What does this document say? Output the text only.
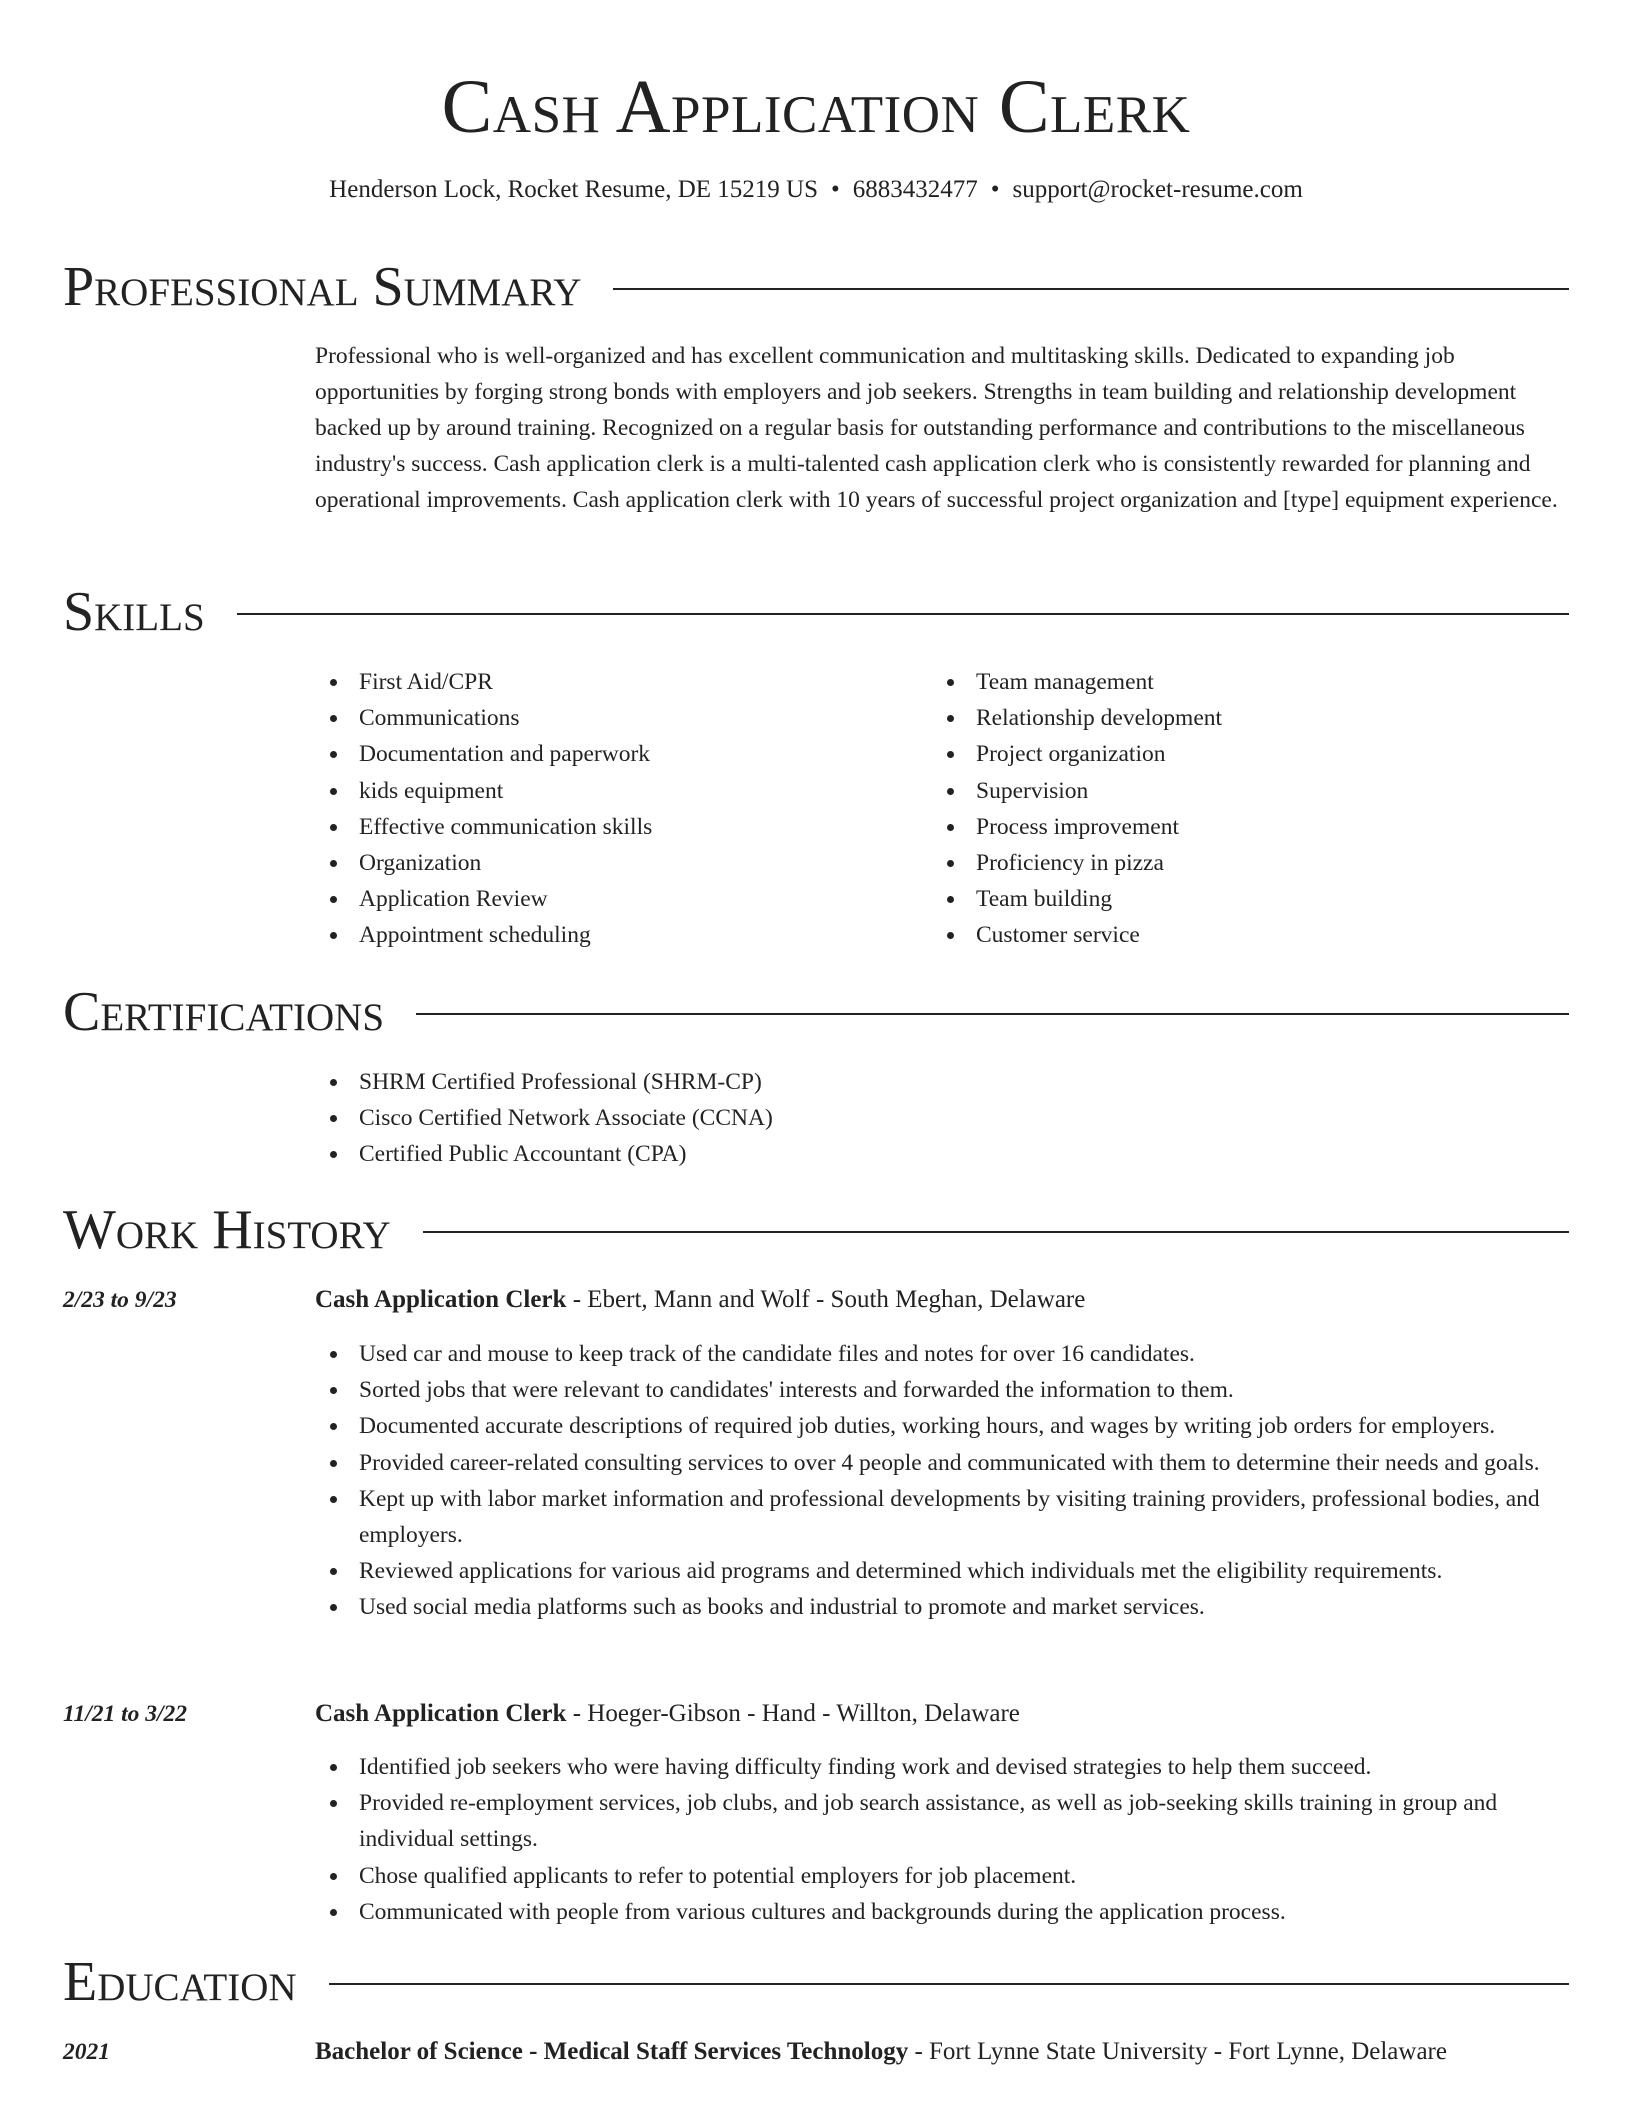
Cash Application Clerk
Henderson Lock, Rocket Resume, DE 15219 US • 6883432477 • support@rocket-resume.com
Professional Summary
Professional who is well-organized and has excellent communication and multitasking skills. Dedicated to expanding job opportunities by forging strong bonds with employers and job seekers. Strengths in team building and relationship development backed up by around training. Recognized on a regular basis for outstanding performance and contributions to the miscellaneous industry's success. Cash application clerk is a multi-talented cash application clerk who is consistently rewarded for planning and operational improvements. Cash application clerk with 10 years of successful project organization and [type] equipment experience.
Skills
First Aid/CPR
Communications
Documentation and paperwork
kids equipment
Effective communication skills
Organization
Application Review
Appointment scheduling
Team management
Relationship development
Project organization
Supervision
Process improvement
Proficiency in pizza
Team building
Customer service
Certifications
SHRM Certified Professional (SHRM-CP)
Cisco Certified Network Associate (CCNA)
Certified Public Accountant (CPA)
Work History
2/23 to 9/23	Cash Application Clerk - Ebert, Mann and Wolf - South Meghan, Delaware
Used car and mouse to keep track of the candidate files and notes for over 16 candidates.
Sorted jobs that were relevant to candidates' interests and forwarded the information to them.
Documented accurate descriptions of required job duties, working hours, and wages by writing job orders for employers.
Provided career-related consulting services to over 4 people and communicated with them to determine their needs and goals.
Kept up with labor market information and professional developments by visiting training providers, professional bodies, and employers.
Reviewed applications for various aid programs and determined which individuals met the eligibility requirements.
Used social media platforms such as books and industrial to promote and market services.
11/21 to 3/22	Cash Application Clerk - Hoeger-Gibson - Hand - Willton, Delaware
Identified job seekers who were having difficulty finding work and devised strategies to help them succeed.
Provided re-employment services, job clubs, and job search assistance, as well as job-seeking skills training in group and individual settings.
Chose qualified applicants to refer to potential employers for job placement.
Communicated with people from various cultures and backgrounds during the application process.
Education
2021	Bachelor of Science - Medical Staff Services Technology - Fort Lynne State University - Fort Lynne, Delaware
